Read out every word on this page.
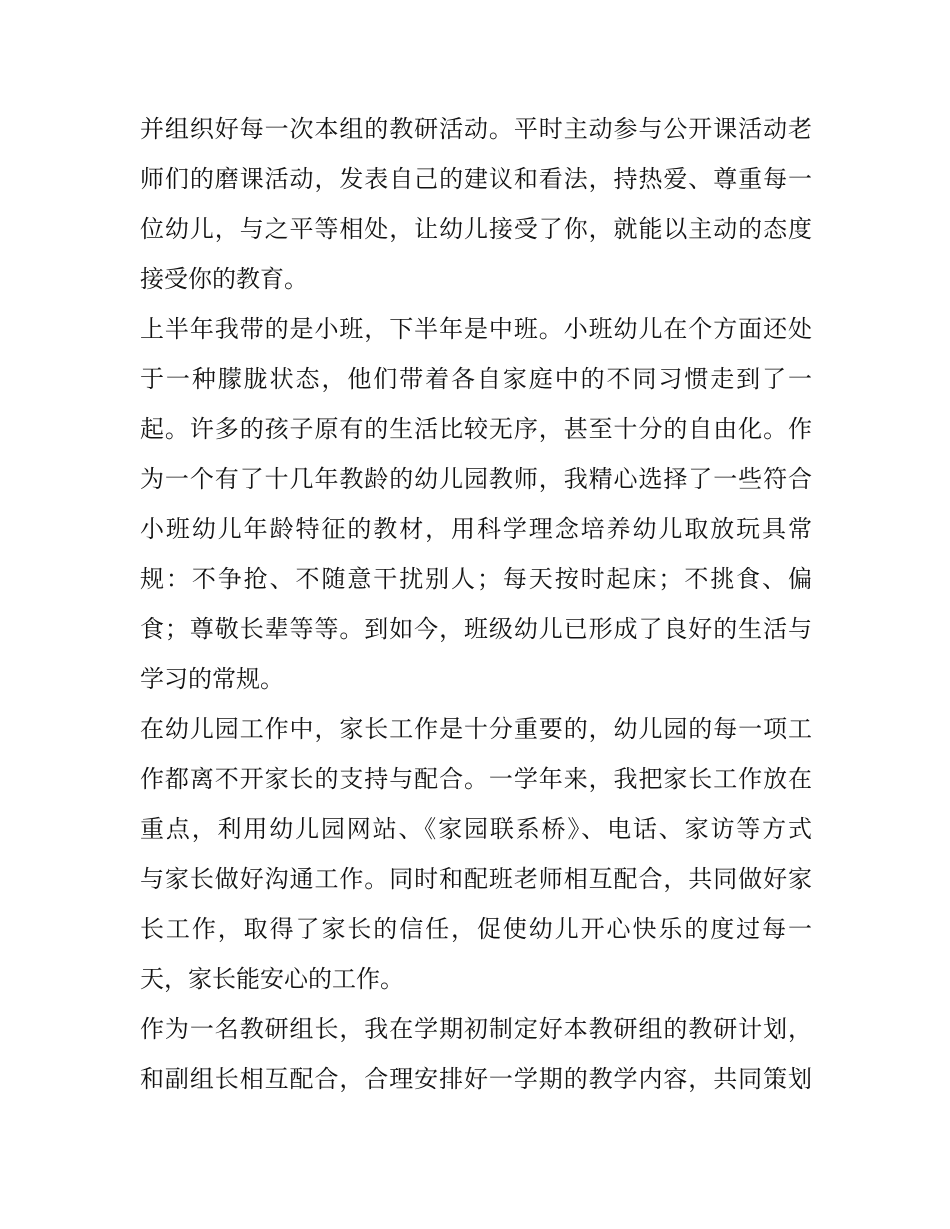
并组织好每一次本组的教研活动。平时主动参与公开课活动老
师们的磨课活动，发表自己的建议和看法，持热爱、尊重每一
位幼儿，与之平等相处，让幼儿接受了你，就能以主动的态度
接受你的教育。
上半年我带的是小班，下半年是中班。小班幼儿在个方面还处
于一种朦胧状态，他们带着各自家庭中的不同习惯走到了一
起。许多的孩子原有的生活比较无序，甚至十分的自由化。作
为一个有了十几年教龄的幼儿园教师，我精心选择了一些符合
小班幼儿年龄特征的教材，用科学理念培养幼儿取放玩具常
规：不争抢、不随意干扰别人；每天按时起床；不挑食、偏
食；尊敬长辈等等。到如今，班级幼儿已形成了良好的生活与
学习的常规。
在幼儿园工作中，家长工作是十分重要的，幼儿园的每一项工
作都离不开家长的支持与配合。一学年来，我把家长工作放在
重点，利用幼儿园网站、《家园联系桥》、电话、家访等方式
与家长做好沟通工作。同时和配班老师相互配合，共同做好家
长工作，取得了家长的信任，促使幼儿开心快乐的度过每一
天，家长能安心的工作。
作为一名教研组长，我在学期初制定好本教研组的教研计划，
和副组长相互配合，合理安排好一学期的教学内容，共同策划
